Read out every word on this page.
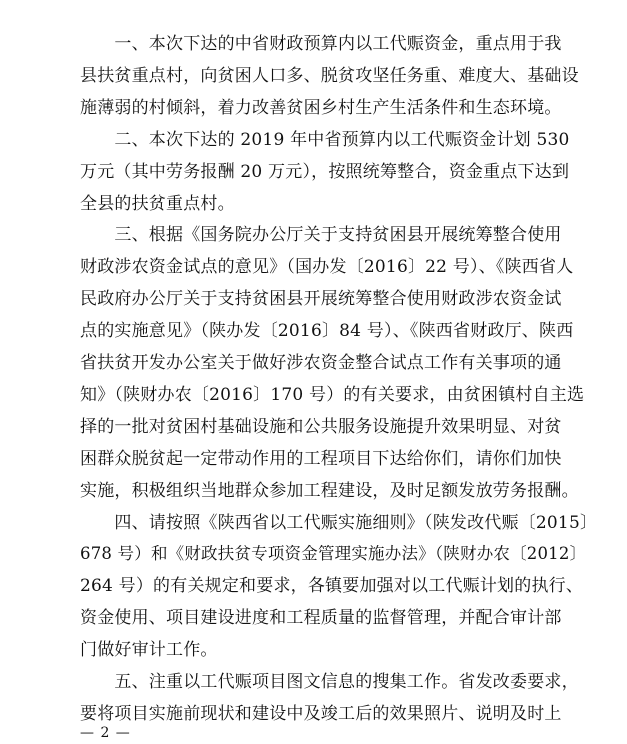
　　一、本次下达的中省财政预算内以工代赈资金，重点用于我
县扶贫重点村，向贫困人口多、脱贫攻坚任务重、难度大、基础设
施薄弱的村倾斜，着力改善贫困乡村生产生活条件和生态环境。
　　二、本次下达的 2019 年中省预算内以工代赈资金计划 530
万元（其中劳务报酬 20 万元），按照统筹整合，资金重点下达到
全县的扶贫重点村。
　　三、根据《国务院办公厅关于支持贫困县开展统筹整合使用
财政涉农资金试点的意见》（国办发〔2016〕22 号）、《陕西省人
民政府办公厅关于支持贫困县开展统筹整合使用财政涉农资金试
点的实施意见》（陕办发〔2016〕84 号）、《陕西省财政厅、陕西
省扶贫开发办公室关于做好涉农资金整合试点工作有关事项的通
知》（陕财办农〔2016〕170 号）的有关要求，由贫困镇村自主选
择的一批对贫困村基础设施和公共服务设施提升效果明显、对贫
困群众脱贫起一定带动作用的工程项目下达给你们，请你们加快
实施，积极组织当地群众参加工程建设，及时足额发放劳务报酬。
　　四、请按照《陕西省以工代赈实施细则》（陕发改代赈〔2015〕
678 号）和《财政扶贫专项资金管理实施办法》（陕财办农〔2012〕
264 号）的有关规定和要求，各镇要加强对以工代赈计划的执行、
资金使用、项目建设进度和工程质量的监督管理，并配合审计部
门做好审计工作。
　　五、注重以工代赈项目图文信息的搜集工作。省发改委要求，
要将项目实施前现状和建设中及竣工后的效果照片、说明及时上
— 2 —
